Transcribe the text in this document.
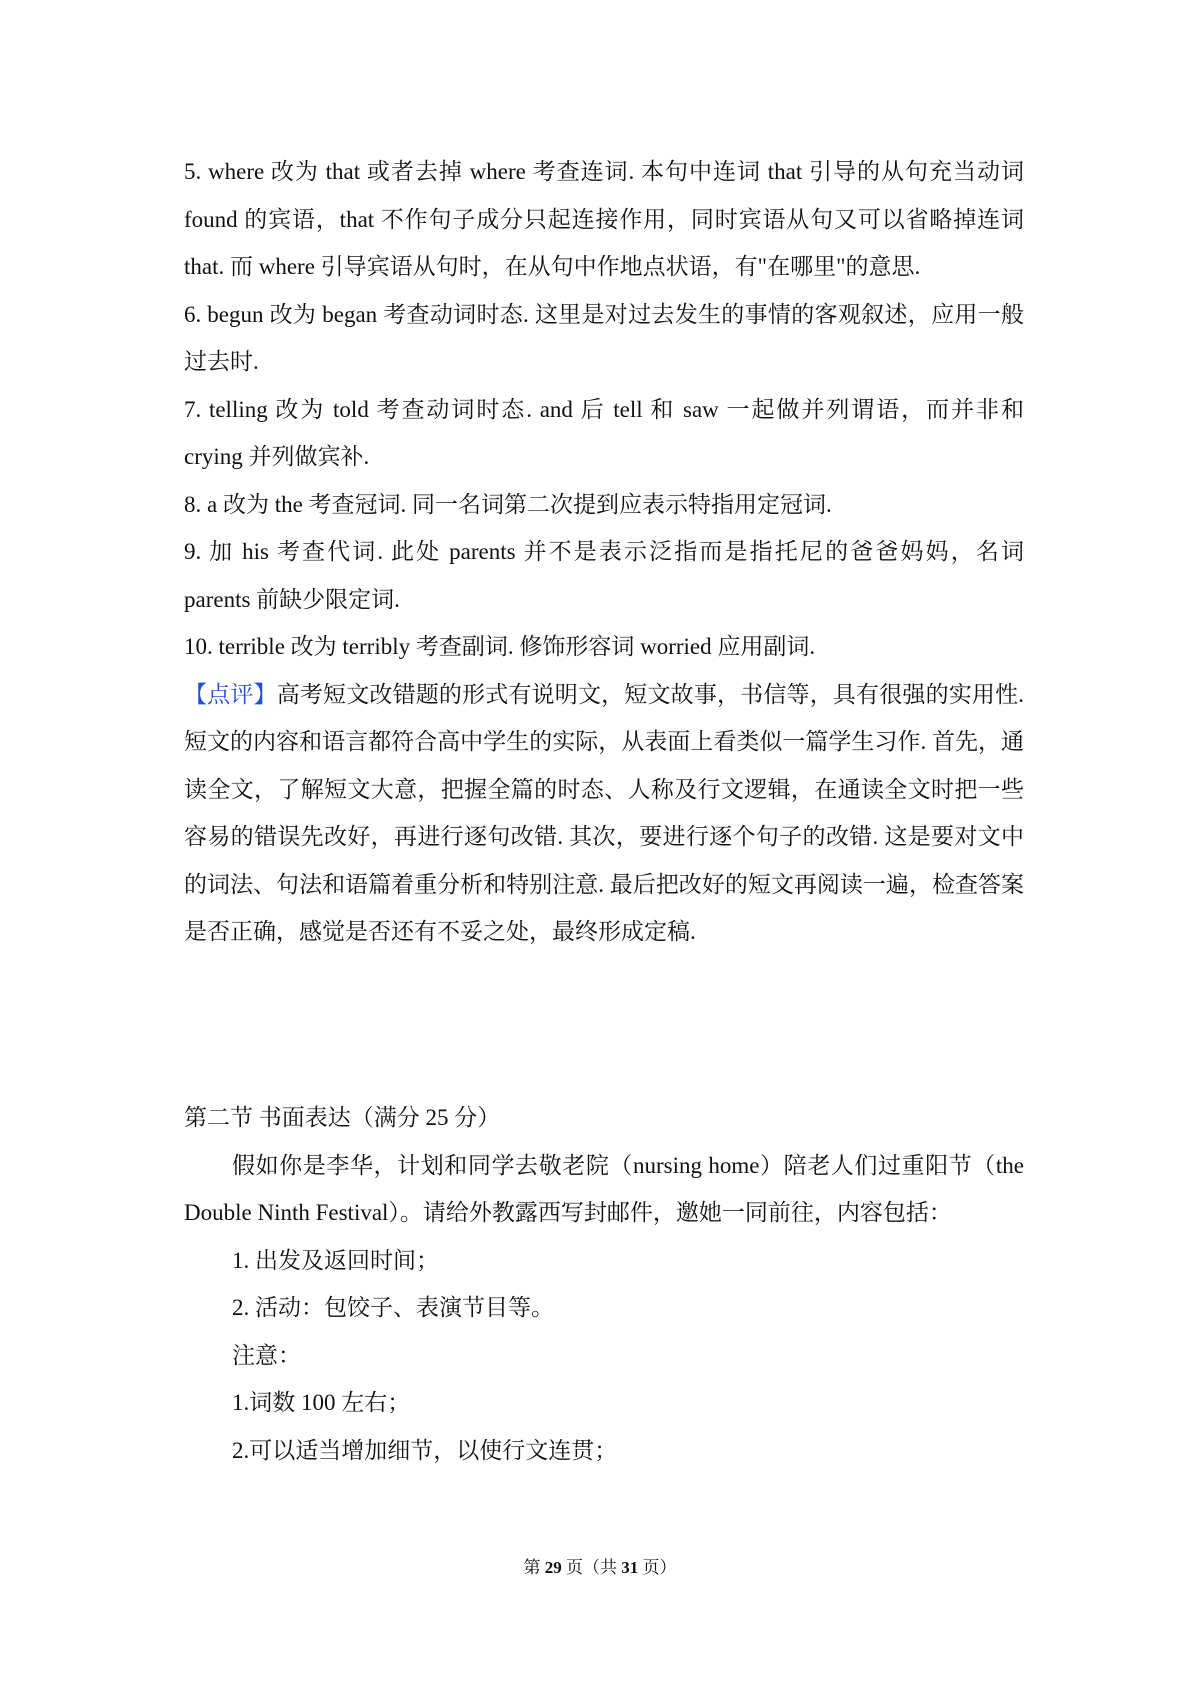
5. where 改为 that 或者去掉 where 考查连词. 本句中连词 that 引导的从句充当动词 found 的宾语，that 不作句子成分只起连接作用，同时宾语从句又可以省略掉连词 that. 而 where 引导宾语从句时，在从句中作地点状语，有"在哪里"的意思.

6. begun 改为 began 考查动词时态. 这里是对过去发生的事情的客观叙述，应用一般过去时.

7. telling 改为 told 考查动词时态. and 后 tell 和 saw 一起做并列谓语，而并非和 crying 并列做宾补.

8. a 改为 the 考查冠词. 同一名词第二次提到应表示特指用定冠词.

9. 加 his 考查代词. 此处 parents 并不是表示泛指而是指托尼的爸爸妈妈，名词 parents 前缺少限定词.

10. terrible 改为 terribly 考查副词. 修饰形容词 worried 应用副词.

【点评】高考短文改错题的形式有说明文，短文故事，书信等，具有很强的实用性. 短文的内容和语言都符合高中学生的实际，从表面上看类似一篇学生习作. 首先，通读全文，了解短文大意，把握全篇的时态、人称及行文逻辑，在通读全文时把一些容易的错误先改好，再进行逐句改错. 其次，要进行逐个句子的改错. 这是要对文中的词法、句法和语篇着重分析和特别注意. 最后把改好的短文再阅读一遍，检查答案是否正确，感觉是否还有不妥之处，最终形成定稿.

第二节 书面表达（满分 25 分）

假如你是李华，计划和同学去敬老院（nursing home）陪老人们过重阳节（the Double Ninth Festival）。请给外教露西写封邮件，邀她一同前往，内容包括：

1. 出发及返回时间；

2. 活动：包饺子、表演节目等。

注意：

1.词数 100 左右；

2.可以适当增加细节，以使行文连贯；

第 29 页（共 31 页）
